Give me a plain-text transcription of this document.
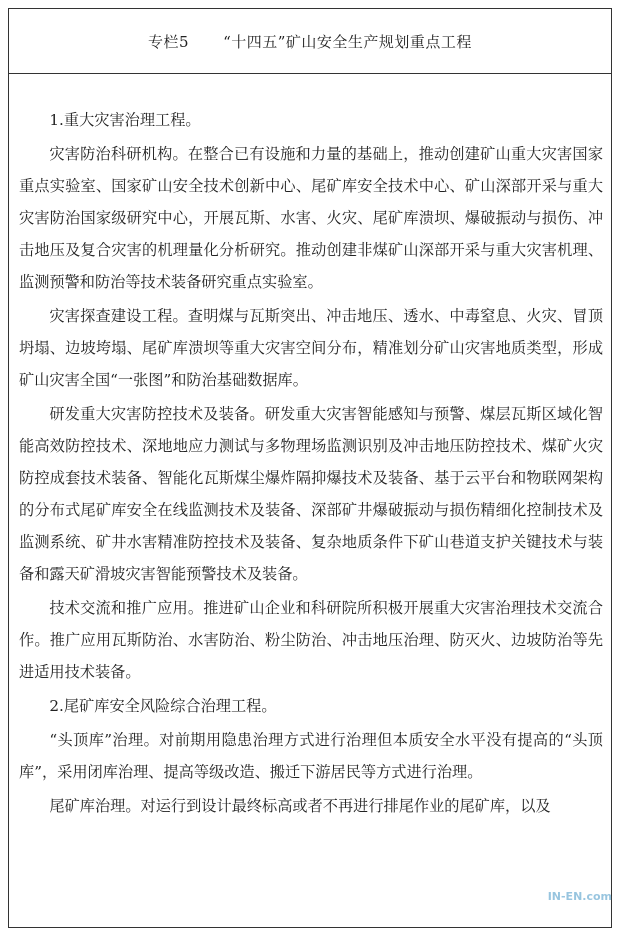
专栏5 “十四五”矿山安全生产规划重点工程

1.重大灾害治理工程。

灾害防治科研机构。在整合已有设施和力量的基础上，推动创建矿山重大灾害国家重点实验室、国家矿山安全技术创新中心、尾矿库安全技术中心、矿山深部开采与重大灾害防治国家级研究中心，开展瓦斯、水害、火灾、尾矿库溃坝、爆破振动与损伤、冲击地压及复合灾害的机理量化分析研究。推动创建非煤矿山深部开采与重大灾害机理、监测预警和防治等技术装备研究重点实验室。

灾害探查建设工程。查明煤与瓦斯突出、冲击地压、透水、中毒窒息、火灾、冒顶坍塌、边坡垮塌、尾矿库溃坝等重大灾害空间分布，精准划分矿山灾害地质类型，形成矿山灾害全国“一张图”和防治基础数据库。

研发重大灾害防控技术及装备。研发重大灾害智能感知与预警、煤层瓦斯区域化智能高效防控技术、深地地应力测试与多物理场监测识别及冲击地压防控技术、煤矿火灾防控成套技术装备、智能化瓦斯煤尘爆炸隔抑爆技术及装备、基于云平台和物联网架构的分布式尾矿库安全在线监测技术及装备、深部矿井爆破振动与损伤精细化控制技术及监测系统、矿井水害精准防控技术及装备、复杂地质条件下矿山巷道支护关键技术与装备和露天矿滑坡灾害智能预警技术及装备。

技术交流和推广应用。推进矿山企业和科研院所积极开展重大灾害治理技术交流合作。推广应用瓦斯防治、水害防治、粉尘防治、冲击地压治理、防灭火、边坡防治等先进适用技术装备。

2.尾矿库安全风险综合治理工程。

“头顶库”治理。对前期用隐患治理方式进行治理但本质安全水平没有提高的“头顶库”，采用闭库治理、提高等级改造、搬迁下游居民等方式进行治理。

尾矿库治理。对运行到设计最终标高或者不再进行排尾作业的尾矿库，以及

IN-EN.com
